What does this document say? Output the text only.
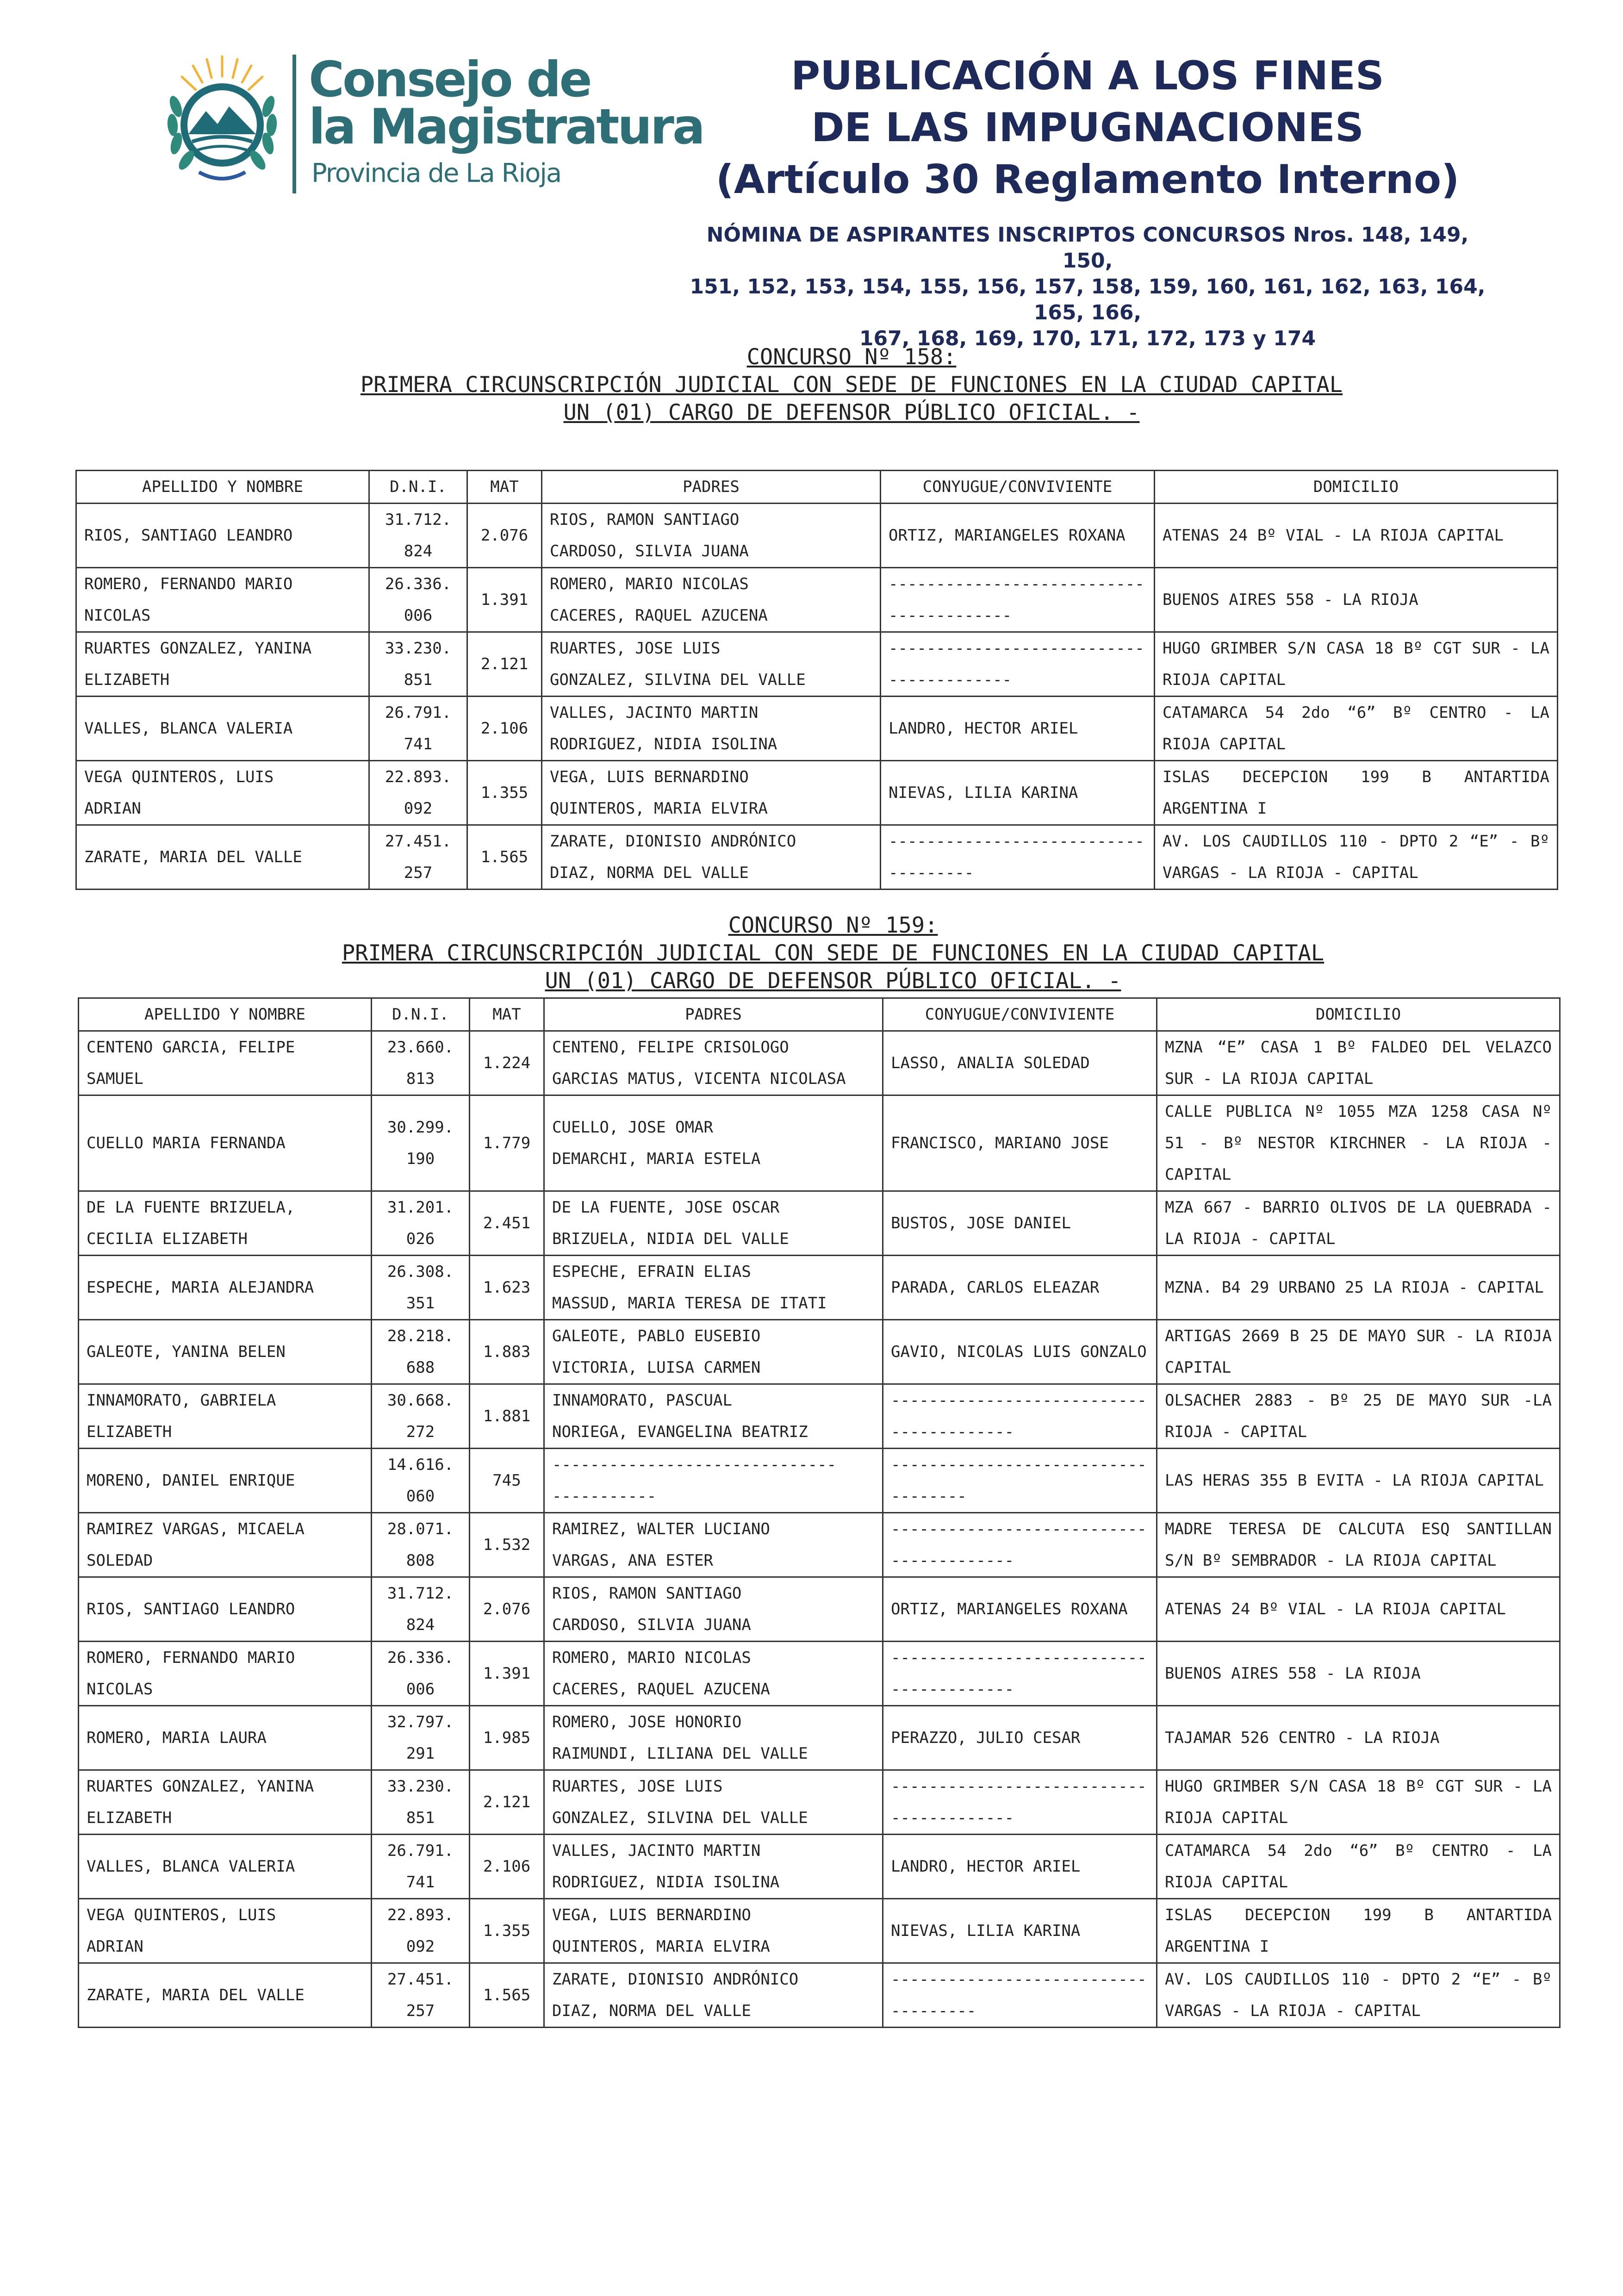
Consejo de
la Magistratura
Provincia de La Rioja
PUBLICACIÓN A LOS FINES
DE LAS IMPUGNACIONES
(Artículo 30 Reglamento Interno)
NÓMINA DE ASPIRANTES INSCRIPTOS CONCURSOS Nros. 148, 149, 150,
151, 152, 153, 154, 155, 156, 157, 158, 159, 160, 161, 162, 163, 164, 165, 166,
167, 168, 169, 170, 171, 172, 173 y 174
CONCURSO Nº 158:
PRIMERA CIRCUNSCRIPCIÓN JUDICIAL CON SEDE DE FUNCIONES EN LA CIUDAD CAPITAL
UN (01) CARGO DE DEFENSOR PÚBLICO OFICIAL. -
APELLIDO Y NOMBRE	D.N.I.	MAT	PADRES	CONYUGUE/CONVIVIENTE	DOMICILIO

RIOS, SANTIAGO LEANDRO	31.712.
824	2.076	RIOS, RAMON SANTIAGO
CARDOSO, SILVIA JUANA	ORTIZ, MARIANGELES ROXANA	ATENAS 24 Bº VIAL - LA RIOJA CAPITAL

ROMERO, FERNANDO MARIO
NICOLAS	26.336.
006	1.391	ROMERO, MARIO NICOLAS
CACERES, RAQUEL AZUCENA	----------------------------------------	BUENOS AIRES 558 - LA RIOJA

RUARTES GONZALEZ, YANINA
ELIZABETH	33.230.
851	2.121	RUARTES, JOSE LUIS
GONZALEZ, SILVINA DEL VALLE	----------------------------------------	HUGO GRIMBER S/N CASA 18 Bº CGT SUR - LA RIOJA CAPITAL

VALLES, BLANCA VALERIA	26.791.
741	2.106	VALLES, JACINTO MARTIN
RODRIGUEZ, NIDIA ISOLINA	LANDRO, HECTOR ARIEL	CATAMARCA 54 2do “6” Bº CENTRO - LA RIOJA CAPITAL

VEGA QUINTEROS, LUIS
ADRIAN	22.893.
092	1.355	VEGA, LUIS BERNARDINO
QUINTEROS, MARIA ELVIRA	NIEVAS, LILIA KARINA	ISLAS DECEPCION 199 B ANTARTIDA ARGENTINA I

ZARATE, MARIA DEL VALLE	27.451.
257	1.565	ZARATE, DIONISIO ANDRÓNICO
DIAZ, NORMA DEL VALLE	------------------------------------	AV. LOS CAUDILLOS 110 - DPTO 2 “E” - Bº VARGAS - LA RIOJA - CAPITAL
CONCURSO Nº 159:
PRIMERA CIRCUNSCRIPCIÓN JUDICIAL CON SEDE DE FUNCIONES EN LA CIUDAD CAPITAL
UN (01) CARGO DE DEFENSOR PÚBLICO OFICIAL. -
APELLIDO Y NOMBRE	D.N.I.	MAT	PADRES	CONYUGUE/CONVIVIENTE	DOMICILIO

CENTENO GARCIA, FELIPE
SAMUEL	23.660.
813	1.224	CENTENO, FELIPE CRISOLOGO
GARCIAS MATUS, VICENTA NICOLASA	LASSO, ANALIA SOLEDAD	MZNA “E” CASA 1 Bº FALDEO DEL VELAZCO SUR - LA RIOJA CAPITAL

CUELLO MARIA FERNANDA	30.299.
190	1.779	CUELLO, JOSE OMAR
DEMARCHI, MARIA ESTELA	FRANCISCO, MARIANO JOSE	CALLE PUBLICA Nº 1055 MZA 1258 CASA Nº 51 - Bº NESTOR KIRCHNER - LA RIOJA - CAPITAL

DE LA FUENTE BRIZUELA,
CECILIA ELIZABETH	31.201.
026	2.451	DE LA FUENTE, JOSE OSCAR
BRIZUELA, NIDIA DEL VALLE	BUSTOS, JOSE DANIEL	MZA 667 - BARRIO OLIVOS DE LA QUEBRADA - LA RIOJA - CAPITAL

ESPECHE, MARIA ALEJANDRA	26.308.
351	1.623	ESPECHE, EFRAIN ELIAS
MASSUD, MARIA TERESA DE ITATI	PARADA, CARLOS ELEAZAR	MZNA. B4 29 URBANO 25 LA RIOJA - CAPITAL

GALEOTE, YANINA BELEN	28.218.
688	1.883	GALEOTE, PABLO EUSEBIO
VICTORIA, LUISA CARMEN	GAVIO, NICOLAS LUIS GONZALO	ARTIGAS 2669 B 25 DE MAYO SUR - LA RIOJA CAPITAL

INNAMORATO, GABRIELA
ELIZABETH	30.668.
272	1.881	INNAMORATO, PASCUAL
NORIEGA, EVANGELINA BEATRIZ	----------------------------------------	OLSACHER 2883 - Bº 25 DE MAYO SUR -LA RIOJA - CAPITAL

MORENO, DANIEL ENRIQUE	14.616.
060	745	------------------------------
-----------	-----------------------------------	LAS HERAS 355 B EVITA - LA RIOJA CAPITAL

RAMIREZ VARGAS, MICAELA
SOLEDAD	28.071.
808	1.532	RAMIREZ, WALTER LUCIANO
VARGAS, ANA ESTER	----------------------------------------	MADRE TERESA DE CALCUTA ESQ SANTILLAN S/N Bº SEMBRADOR - LA RIOJA CAPITAL

RIOS, SANTIAGO LEANDRO	31.712.
824	2.076	RIOS, RAMON SANTIAGO
CARDOSO, SILVIA JUANA	ORTIZ, MARIANGELES ROXANA	ATENAS 24 Bº VIAL - LA RIOJA CAPITAL

ROMERO, FERNANDO MARIO
NICOLAS	26.336.
006	1.391	ROMERO, MARIO NICOLAS
CACERES, RAQUEL AZUCENA	----------------------------------------	BUENOS AIRES 558 - LA RIOJA

ROMERO, MARIA LAURA	32.797.
291	1.985	ROMERO, JOSE HONORIO
RAIMUNDI, LILIANA DEL VALLE	PERAZZO, JULIO CESAR	TAJAMAR 526 CENTRO - LA RIOJA

RUARTES GONZALEZ, YANINA
ELIZABETH	33.230.
851	2.121	RUARTES, JOSE LUIS
GONZALEZ, SILVINA DEL VALLE	----------------------------------------	HUGO GRIMBER S/N CASA 18 Bº CGT SUR - LA RIOJA CAPITAL

VALLES, BLANCA VALERIA	26.791.
741	2.106	VALLES, JACINTO MARTIN
RODRIGUEZ, NIDIA ISOLINA	LANDRO, HECTOR ARIEL	CATAMARCA 54 2do “6” Bº CENTRO - LA RIOJA CAPITAL

VEGA QUINTEROS, LUIS
ADRIAN	22.893.
092	1.355	VEGA, LUIS BERNARDINO
QUINTEROS, MARIA ELVIRA	NIEVAS, LILIA KARINA	ISLAS DECEPCION 199 B ANTARTIDA ARGENTINA I

ZARATE, MARIA DEL VALLE	27.451.
257	1.565	ZARATE, DIONISIO ANDRÓNICO
DIAZ, NORMA DEL VALLE	------------------------------------	AV. LOS CAUDILLOS 110 - DPTO 2 “E” - Bº VARGAS - LA RIOJA - CAPITAL
